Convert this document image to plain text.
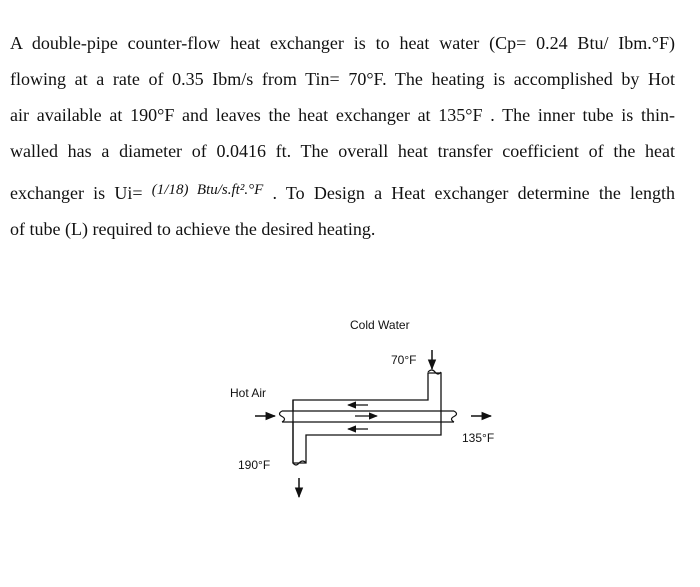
A double-pipe counter-flow heat exchanger is to heat water (Cp= 0.24 Btu/ Ibm.°F)
flowing at a rate of 0.35 Ibm/s from Tin= 70°F. The heating is accomplished by Hot
air available at 190°F and leaves the heat exchanger at 135°F . The inner tube is thin-
walled has a diameter of 0.0416 ft. The overall heat transfer coefficient of the heat
exchanger is Ui= $^{(1/18) Btu/s.ft^2.^\circ F}$ . To Design a Heat exchanger determine the length
of tube (L) required to achieve the desired heating.
Cold Water
70°F
Hot Air
190°F
135°F
